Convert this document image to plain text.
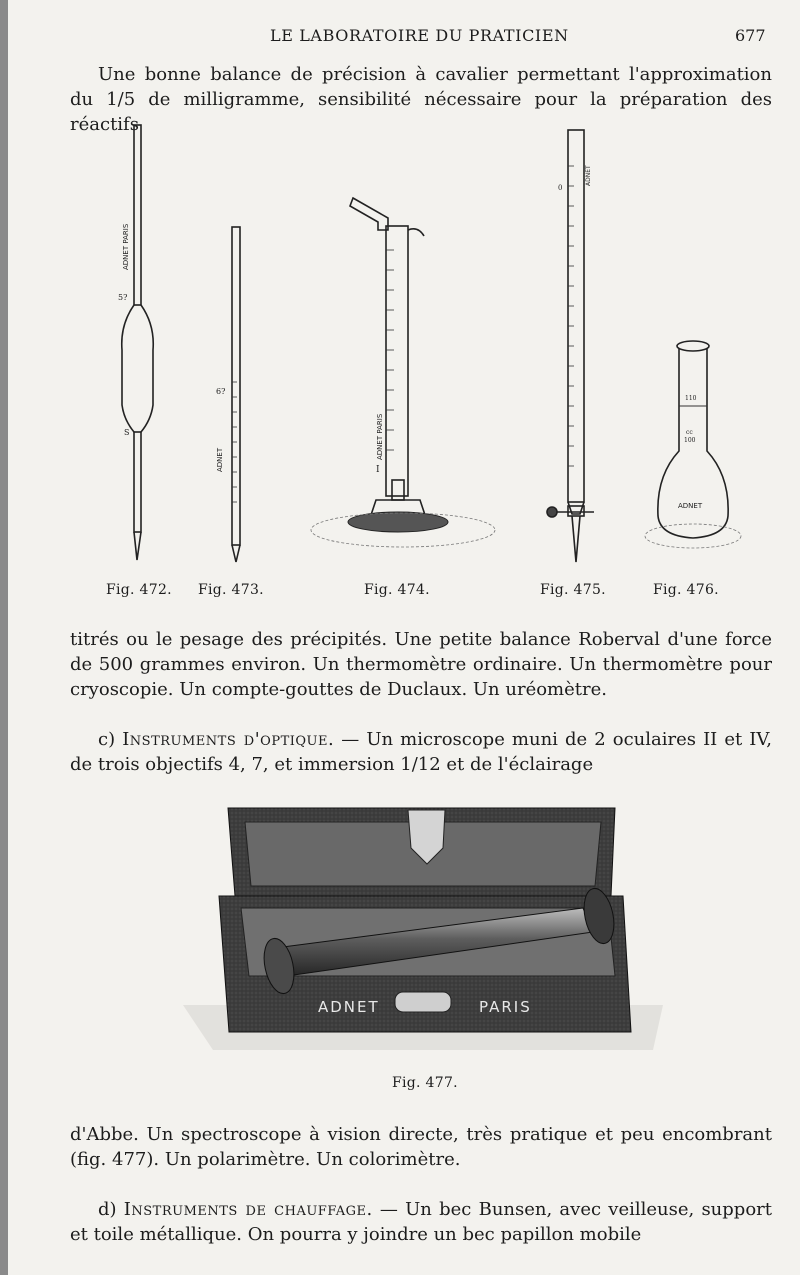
LE LABORATOIRE DU PRATICIEN	677

Une bonne balance de précision à cavalier permettant l'approximation du 1/5 de milligramme, sensibilité nécessaire pour la préparation des réactifs

ADNET PARIS
5?
S
ADNET
6?
ADNET PARIS
I
ADNET
0
110
cc
100
ADNET
Fig. 472. Fig. 473.	Fig. 474.	Fig. 475.	Fig. 476.

titrés ou le pesage des précipités. Une petite balance Roberval d'une force de 500 grammes environ. Un thermomètre ordinaire. Un thermomètre pour cryoscopie. Un compte-gouttes de Duclaux. Un uréomètre.

c) Instruments d'optique. — Un microscope muni de 2 oculaires II et IV, de trois objectifs 4, 7, et immersion 1/12 et de l'éclairage

ADNET	PARIS
Fig. 477.

d'Abbe. Un spectroscope à vision directe, très pratique et peu encombrant (fig. 477). Un polarimètre. Un colorimètre.

d) Instruments de chauffage. — Un bec Bunsen, avec veilleuse, support et toile métallique. On pourra y joindre un bec papillon mobile
